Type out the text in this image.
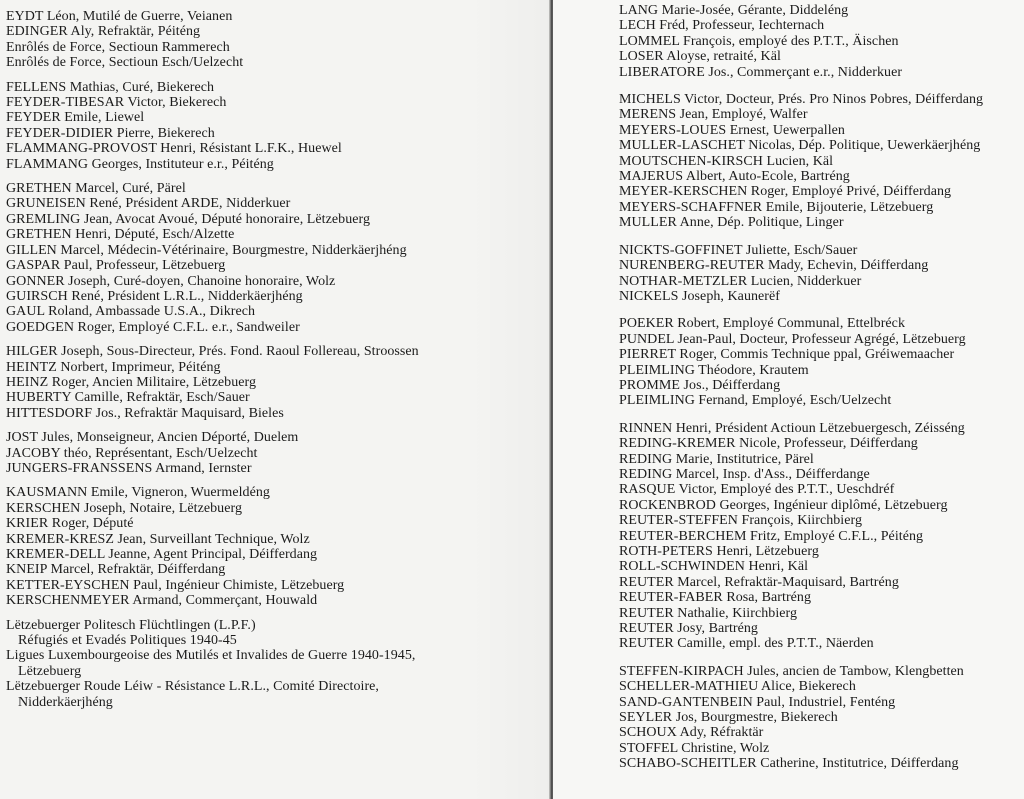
EYDT Léon, Mutilé de Guerre, Veianen
EDINGER Aly, Refraktär, Péiténg
Enrôlés de Force, Sectioun Rammerech
Enrôlés de Force, Sectioun Esch/Uelzecht
FELLENS Mathias, Curé, Biekerech
FEYDER-TIBESAR Victor, Biekerech
FEYDER Emile, Liewel
FEYDER-DIDIER Pierre, Biekerech
FLAMMANG-PROVOST Henri, Résistant L.F.K., Huewel
FLAMMANG Georges, Instituteur e.r., Péiténg
GRETHEN Marcel, Curé, Pärel
GRUNEISEN René, Président ARDE, Nidderkuer
GREMLING Jean, Avocat Avoué, Député honoraire, Lëtzebuerg
GRETHEN Henri, Député, Esch/Alzette
GILLEN Marcel, Médecin-Vétérinaire, Bourgmestre, Nidderkäerjhéng
GASPAR Paul, Professeur, Lëtzebuerg
GONNER Joseph, Curé-doyen, Chanoine honoraire, Wolz
GUIRSCH René, Président L.R.L., Nidderkäerjhéng
GAUL Roland, Ambassade U.S.A., Dikrech
GOEDGEN Roger, Employé C.F.L. e.r., Sandweiler
HILGER Joseph, Sous-Directeur, Prés. Fond. Raoul Follereau, Stroossen
HEINTZ Norbert, Imprimeur, Péiténg
HEINZ Roger, Ancien Militaire, Lëtzebuerg
HUBERTY Camille, Refraktär, Esch/Sauer
HITTESDORF Jos., Refraktär Maquisard, Bieles
JOST Jules, Monseigneur, Ancien Déporté, Duelem
JACOBY théo, Représentant, Esch/Uelzecht
JUNGERS-FRANSSENS Armand, Iernster
KAUSMANN Emile, Vigneron, Wuermeldéng
KERSCHEN Joseph, Notaire, Lëtzebuerg
KRIER Roger, Député
KREMER-KRESZ Jean, Surveillant Technique, Wolz
KREMER-DELL Jeanne, Agent Principal, Déifferdang
KNEIP Marcel, Refraktär, Déifferdang
KETTER-EYSCHEN Paul, Ingénieur Chimiste, Lëtzebuerg
KERSCHENMEYER Armand, Commerçant, Houwald
Lëtzebuerger Politesch Flüchtlingen (L.P.F.)
Réfugiés et Evadés Politiques 1940-45
Ligues Luxembourgeoise des Mutilés et Invalides de Guerre 1940-1945,
Lëtzebuerg
Lëtzebuerger Roude Léiw - Résistance L.R.L., Comité Directoire,
Nidderkäerjhéng
LANG Marie-Josée, Gérante, Diddeléng
LECH Fréd, Professeur, Iechternach
LOMMEL François, employé des P.T.T., Äischen
LOSER Aloyse, retraité, Käl
LIBERATORE Jos., Commerçant e.r., Nidderkuer
MICHELS Victor, Docteur, Prés. Pro Ninos Pobres, Déifferdang
MERENS Jean, Employé, Walfer
MEYERS-LOUES Ernest, Uewerpallen
MULLER-LASCHET Nicolas, Dép. Politique, Uewerkäerjhéng
MOUTSCHEN-KIRSCH Lucien, Käl
MAJERUS Albert, Auto-Ecole, Bartréng
MEYER-KERSCHEN Roger, Employé Privé, Déifferdang
MEYERS-SCHAFFNER Emile, Bijouterie, Lëtzebuerg
MULLER Anne, Dép. Politique, Linger
NICKTS-GOFFINET Juliette, Esch/Sauer
NURENBERG-REUTER Mady, Echevin, Déifferdang
NOTHAR-METZLER Lucien, Nidderkuer
NICKELS Joseph, Kaunerëf
POEKER Robert, Employé Communal, Ettelbréck
PUNDEL Jean-Paul, Docteur, Professeur Agrégé, Lëtzebuerg
PIERRET Roger, Commis Technique ppal, Gréiwemaacher
PLEIMLING Théodore, Krautem
PROMME Jos., Déifferdang
PLEIMLING Fernand, Employé, Esch/Uelzecht
RINNEN Henri, Président Actioun Lëtzebuergesch, Zéisséng
REDING-KREMER Nicole, Professeur, Déifferdang
REDING Marie, Institutrice, Pärel
REDING Marcel, Insp. d'Ass., Déifferdange
RASQUE Victor, Employé des P.T.T., Ueschdréf
ROCKENBROD Georges, Ingénieur diplômé, Lëtzebuerg
REUTER-STEFFEN François, Kiirchbierg
REUTER-BERCHEM Fritz, Employé C.F.L., Péiténg
ROTH-PETERS Henri, Lëtzebuerg
ROLL-SCHWINDEN Henri, Käl
REUTER Marcel, Refraktär-Maquisard, Bartréng
REUTER-FABER Rosa, Bartréng
REUTER Nathalie, Kiirchbierg
REUTER Josy, Bartréng
REUTER Camille, empl. des P.T.T., Näerden
STEFFEN-KIRPACH Jules, ancien de Tambow, Klengbetten
SCHELLER-MATHIEU Alice, Biekerech
SAND-GANTENBEIN Paul, Industriel, Fenténg
SEYLER Jos, Bourgmestre, Biekerech
SCHOUX Ady, Réfraktär
STOFFEL Christine, Wolz
SCHABO-SCHEITLER Catherine, Institutrice, Déifferdang
